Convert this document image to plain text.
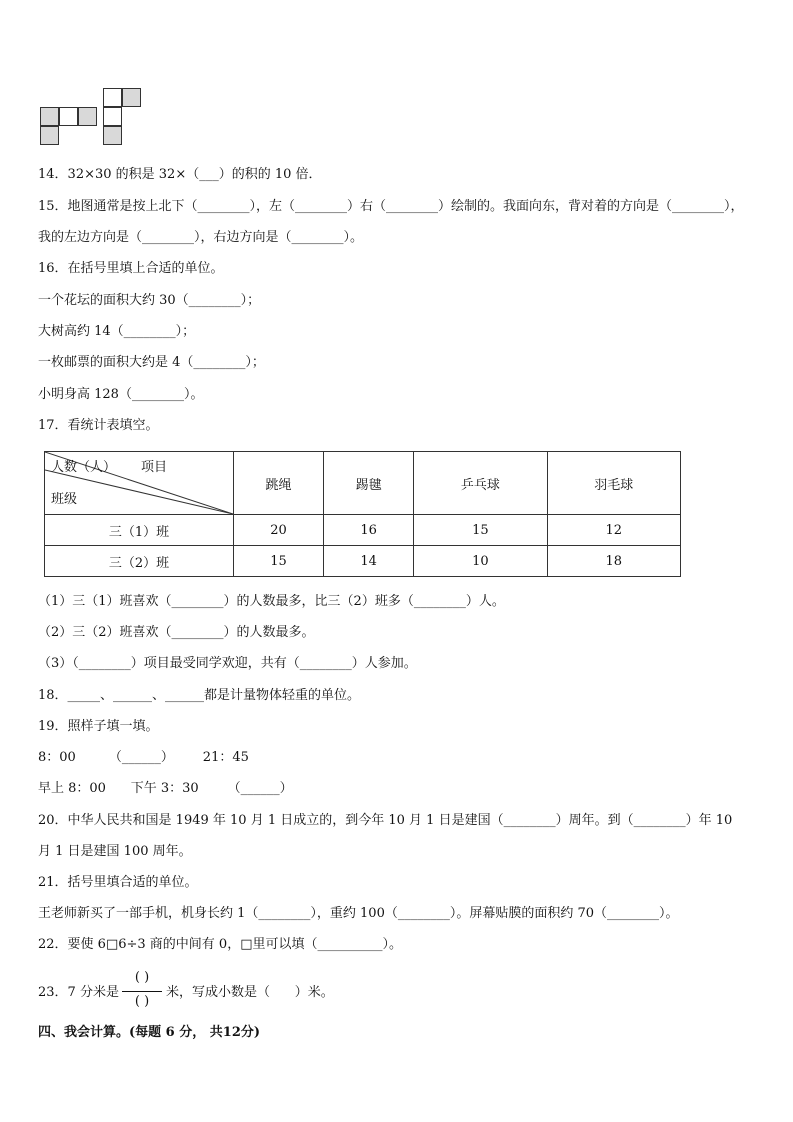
14．32×30 的积是 32×（___）的积的 10 倍．
15．地图通常是按上北下（________），左（________）右（________）绘制的。我面向东，背对着的方向是（________），
我的左边方向是（________），右边方向是（________）。
16．在括号里填上合适的单位。
一个花坛的面积大约 30（________）；
大树高约 14（________）；
一枚邮票的面积大约是 4（________）；
小明身高 128（________）。
17．看统计表填空。
人数（人） 项目
班级	跳绳	踢毽	乒乓球	羽毛球
三（1）班	20	16	15	12
三（2）班	15	14	10	18
（1）三（1）班喜欢（________）的人数最多，比三（2）班多（________）人。
（2）三（2）班喜欢（________）的人数最多。
（3）（________）项目最受同学欢迎，共有（________）人参加。
18．_____、______、______都是计量物体轻重的单位。
19．照样子填一填。
8：00        （______）       21：45
早上 8：00      下午 3：30       （______）
20．中华人民共和国是 1949 年 10 月 1 日成立的，到今年 10 月 1 日是建国（________）周年。到（________）年 10
月 1 日是建国 100 周年。
21．括号里填合适的单位。
王老师新买了一部手机，机身长约 1（________），重约 100（________）。屏幕贴膜的面积约 70（________）。
22．要使 6□6÷3 商的中间有 0，□里可以填（__________）。
23．7 分米是
( )
( )
米，写成小数是（      ）米。
四、我会计算。(每题 6 分， 共12分)
